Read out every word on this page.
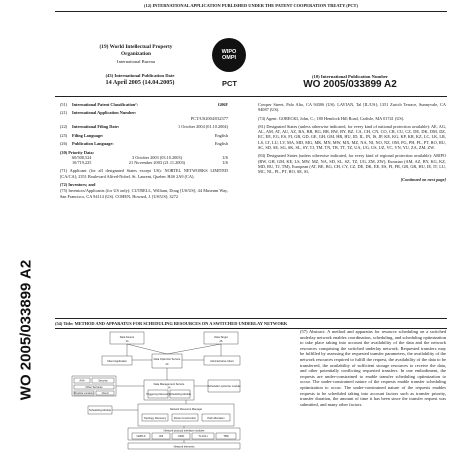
(12) INTERNATIONAL APPLICATION PUBLISHED UNDER THE PATENT COOPERATION TREATY (PCT)
(19) World Intellectual Property
Organization
International Bureau
WIPO
OMPI
(43) International Publication Date
14 April 2005 (14.04.2005)	PCT
(10) International Publication Number
WO 2005/033899 A2
(51)	International Patent Classification⁷:	G06F
(21)	International Application Number:
PCT/US2004/032377
(22)	International Filing Date:	1 October 2004 (01.10.2004)
(25)	Filing Language:	English
(26)	Publication Language:	English
(30) Priority Data:
60/508,524	3 October 2003 (03.10.2003)	US
10/719,225	21 November 2003 (21.11.2003)	US
(71) Applicant (for all designated States except US): NORTEL NETWORKS LIMITED [CA/CA]; 2351 Boulevard Alfred-Nobel, St. Laurent, Quebec H4S 2A9 (CA).
(72) Inventors; and
(75) Inventors/Applicants (for US only): CUTRELL, William, Doug [US/US]; 44 Museum Way, San Francisco, CA 94114 (US). COHEN, Howard, J. [US/US]; 3272
Cowper Street, Palo Alto, CA 94306 (US). LAVIAN, Tal [IL/US]; 1351 Zurich Terrace, Sunnyvale, CA 94087 (US).
(74) Agent: GORECKI, John, C.; 180 Hemlock Hill Road, Carlisle, MA 01741 (US).
(81) Designated States (unless otherwise indicated, for every kind of national protection available): AE, AG, AL, AM, AT, AU, AZ, BA, BB, BG, BR, BW, BY, BZ, CA, CH, CN, CO, CR, CU, CZ, DE, DK, DM, DZ, EC, EE, EG, ES, FI, GB, GD, GE, GH, GM, HR, HU, ID, IL, IN, IS, JP, KE, KG, KP, KR, KZ, LC, LK, LR, LS, LT, LU, LV, MA, MD, MG, MK, MN, MW, MX, MZ, NA, NI, NO, NZ, OM, PG, PH, PL, PT, RO, RU, SC, SD, SE, SG, SK, SL, SY, TJ, TM, TN, TR, TT, TZ, UA, UG, US, UZ, VC, VN, YU, ZA, ZM, ZW.
(84) Designated States (unless otherwise indicated, for every kind of regional protection available): ARIPO (BW, GH, GM, KE, LS, MW, MZ, NA, SD, SL, SZ, TZ, UG, ZM, ZW), Eurasian (AM, AZ, BY, KG, KZ, MD, RU, TJ, TM), European (AT, BE, BG, CH, CY, CZ, DE, DK, EE, ES, FI, FR, GB, GR, HU, IE, IT, LU, MC, NL, PL, PT, RO, SE, SI,
[Continued on next page]
(54) Title: METHOD AND APPARATUS FOR SCHEDULING RESOURCES ON A SWITCHED UNDERLAY NETWORK
WO 2005/033899 A2	Data Source
14
Data Target
26
Client Application
Data Optimizer Service
24
Administrative Client
AAA	Security
Other Services
Replica Location	Cloud
Data Management Service
24
Triggering Discovery Scheduling Module
Scheduler/ optimizer module
Scheduling Module	Network Resource Manager
Topology Discovery	Route Construction	Path Allocation
Network protocol interface modules
GMPLS	UNI	ODIN	TL1/CLI	TBD
Network elements
(57) Abstract: A method and apparatus for resource scheduling on a switched underlay network enables coordination, scheduling, and scheduling optimization to take place taking into account the availability of the data and the network resources comprising the switched underlay network. Requested transfers may be fulfilled by assessing the requested transfer parameters, the availability of the network resources required to fulfill the request, the availability of the data to be transferred, the availability of sufficient storage resources to receive the data, and other potentially conflicting requested transfers. In one embodiment, the requests are under-constrained to enable transfer scheduling optimization to occur. The under-constrained nature of the requests enable transfer scheduling optimization to occur. The under-constrained nature of the requests enables requests to be scheduled taking into account factors such as transfer priority, transfer duration, the amount of time it has been since the transfer request was submitted, and many other factors.
